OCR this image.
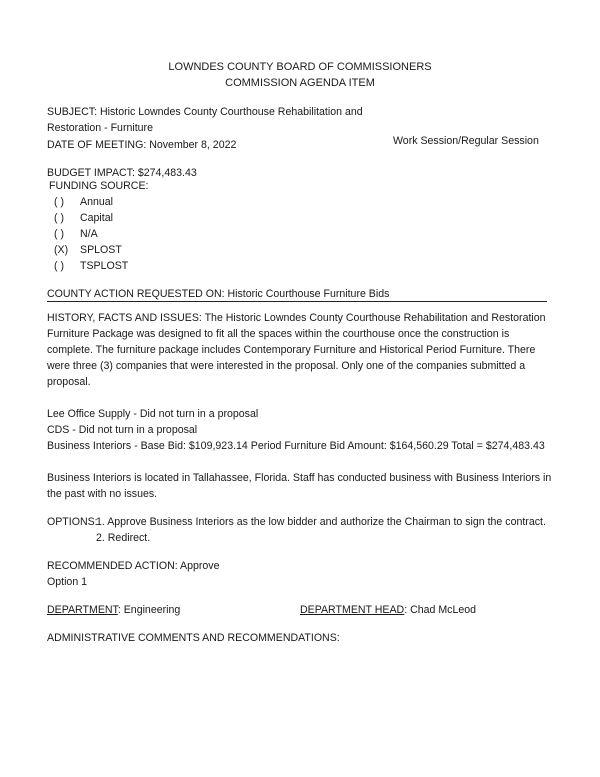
LOWNDES COUNTY BOARD OF COMMISSIONERS
COMMISSION AGENDA ITEM
SUBJECT: Historic Lowndes County Courthouse Rehabilitation and
Restoration - Furniture
DATE OF MEETING: November 8, 2022	Work Session/Regular Session
BUDGET IMPACT: $274,483.43
FUNDING SOURCE:
( ) Annual
( ) Capital
( ) N/A
(X) SPLOST
( ) TSPLOST
COUNTY ACTION REQUESTED ON: Historic Courthouse Furniture Bids
HISTORY, FACTS AND ISSUES: The Historic Lowndes County Courthouse Rehabilitation and Restoration
Furniture Package was designed to fit all the spaces within the courthouse once the construction is
complete. The furniture package includes Contemporary Furniture and Historical Period Furniture. There
were three (3) companies that were interested in the proposal. Only one of the companies submitted a
proposal.
Lee Office Supply - Did not turn in a proposal
CDS - Did not turn in a proposal
Business Interiors - Base Bid: $109,923.14 Period Furniture Bid Amount: $164,560.29 Total = $274,483.43
Business Interiors is located in Tallahassee, Florida. Staff has conducted business with Business Interiors in
the past with no issues.
OPTIONS:
1. Approve Business Interiors as the low bidder and authorize the Chairman to sign the contract.
2. Redirect.
RECOMMENDED ACTION: Approve
Option 1
DEPARTMENT: Engineering	DEPARTMENT HEAD: Chad McLeod
ADMINISTRATIVE COMMENTS AND RECOMMENDATIONS:
